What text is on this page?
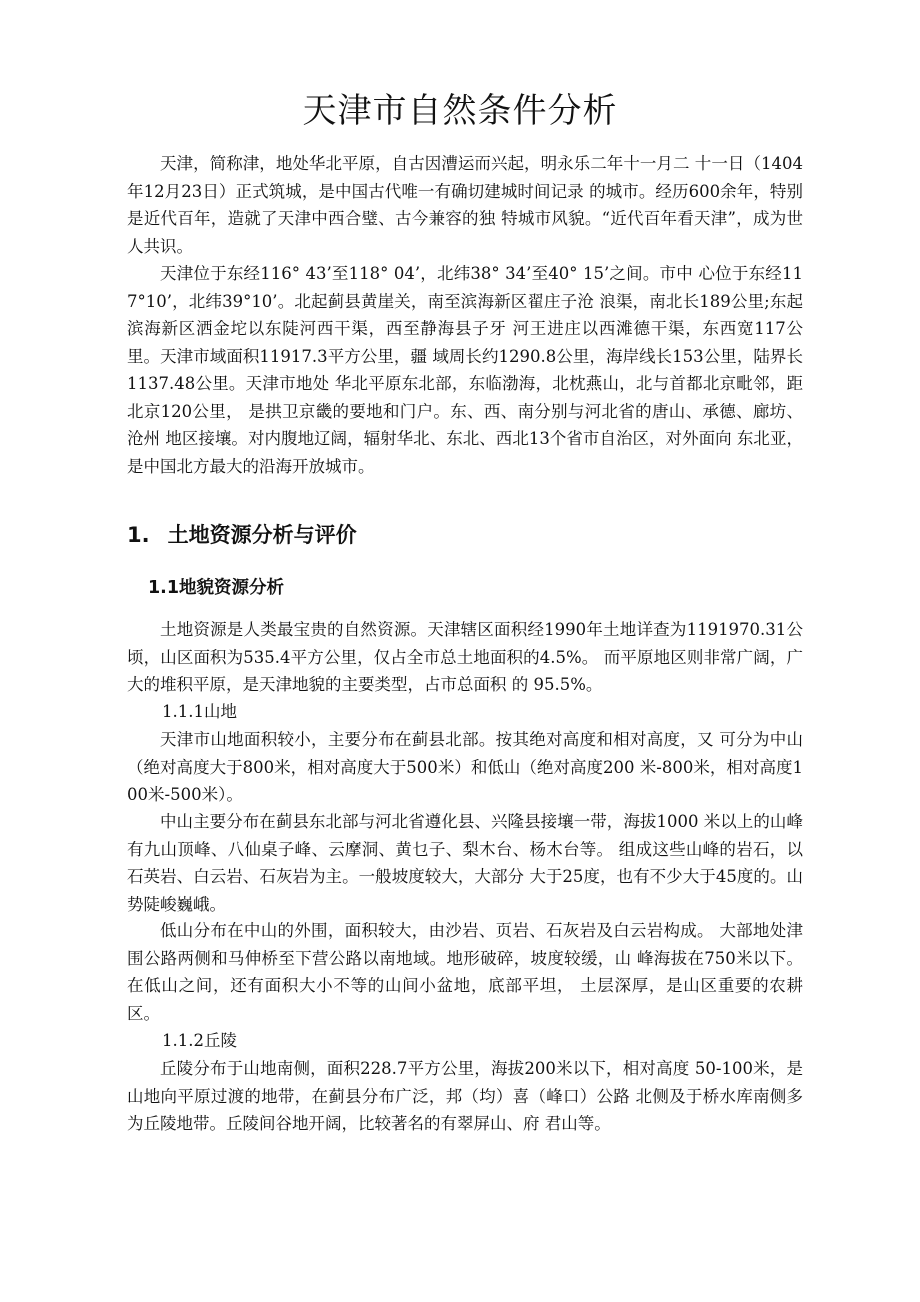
天津市自然条件分析

天津，简称津，地处华北平原，自古因漕运而兴起，明永乐二年十一月二 十一日（1404年12月23日）正式筑城，是中国古代唯一有确切建城时间记录 的城市。经历600余年，特别是近代百年，造就了天津中西合璧、古今兼容的独 特城市风貌。“近代百年看天津”，成为世人共识。

天津位于东经116° 43’至118° 04’，北纬38° 34’至40° 15’之间。市中 心位于东经117°10’，北纬39°10’。北起蓟县黄崖关，南至滨海新区翟庄子沧 浪渠，南北长189公里;东起滨海新区洒金坨以东陡河西干渠，西至静海县子牙 河王进庄以西滩德干渠，东西宽117公里。天津市域面积11917.3平方公里，疆 域周长约1290.8公里，海岸线长153公里，陆界长1137.48公里。天津市地处 华北平原东北部，东临渤海，北枕燕山，北与首都北京毗邻，距北京120公里， 是拱卫京畿的要地和门户。东、西、南分别与河北省的唐山、承德、廊坊、沧州 地区接壤。对内腹地辽阔，辐射华北、东北、西北13个省市自治区，对外面向 东北亚，是中国北方最大的沿海开放城市。

1. 土地资源分析与评价
1.1地貌资源分析

土地资源是人类最宝贵的自然资源。天津辖区面积经1990年土地详查为1191970.31公顷，山区面积为535.4平方公里，仅占全市总土地面积的4.5%。 而平原地区则非常广阔，广大的堆积平原，是天津地貌的主要类型，占市总面积 的 95.5%。

1.1.1山地

天津市山地面积较小，主要分布在蓟县北部。按其绝对高度和相对高度，又 可分为中山（绝对高度大于800米，相对高度大于500米）和低山（绝对高度200 米-800米，相对高度100米-500米）。

中山主要分布在蓟县东北部与河北省遵化县、兴隆县接壤一带，海拔1000 米以上的山峰有九山顶峰、八仙桌子峰、云摩洞、黄乜子、梨木台、杨木台等。 组成这些山峰的岩石，以石英岩、白云岩、石灰岩为主。一般坡度较大，大部分 大于25度，也有不少大于45度的。山势陡峻巍峨。

低山分布在中山的外围，面积较大，由沙岩、页岩、石灰岩及白云岩构成。 大部地处津围公路两侧和马伸桥至下营公路以南地域。地形破碎，坡度较缓，山 峰海拔在750米以下。在低山之间，还有面积大小不等的山间小盆地，底部平坦， 土层深厚，是山区重要的农耕区。

1.1.2丘陵

丘陵分布于山地南侧，面积228.7平方公里，海拔200米以下，相对高度 50-100米，是山地向平原过渡的地带，在蓟县分布广泛，邦（均）喜（峰口）公路 北侧及于桥水库南侧多为丘陵地带。丘陵间谷地开阔，比较著名的有翠屏山、府 君山等。
